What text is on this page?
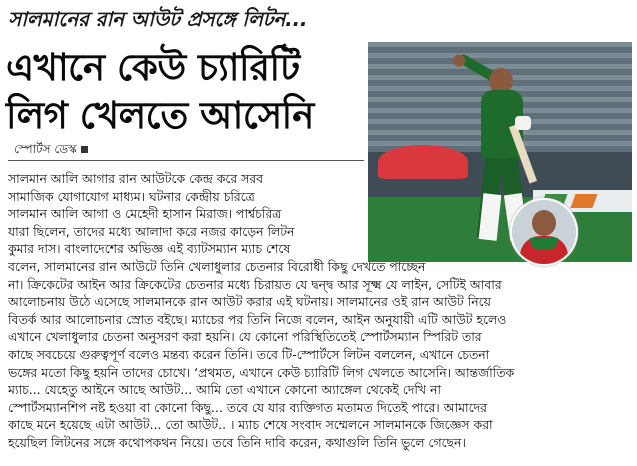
সালমানের রান আউট প্রসঙ্গে লিটন...
এখানে কেউ চ্যারিটি
লিগ খেলতে আসেনি
স্পোর্টস ডেস্ক
সালমান আলি আগার রান আউটকে কেন্দ্র করে সরব
সামাজিক যোগাযোগ মাধ্যম। ঘটনার কেন্দ্রীয় চরিত্রে
সালমান আলি আগা ও মেহেদী হাসান মিরাজ। পার্শ্বচরিত্র
যারা ছিলেন, তাদের মধ্যে আলাদা করে নজর কাড়েন লিটন
কুমার দাস। বাংলাদেশের অভিজ্ঞ এই ব্যাটসম্যান ম্যাচ শেষে
বলেন, সালমানের রান আউটে তিনি খেলাধুলার চেতনার বিরোধী কিছু দেখতে পাচ্ছেন
না। ক্রিকেটের আইন আর ক্রিকেটের চেতনার মধ্যে চিরায়ত যে দ্বন্দ্ব আর সূক্ষ্ম যে লাইন, সেটিই আবার
আলোচনায় উঠে এসেছে সালমানকে রান আউট করার এই ঘটনায়। সালমানের ওই রান আউট নিয়ে
বিতর্ক আর আলোচনার স্রোত বইছে। ম্যাচের পর তিনি নিজে বলেন, আইন অনুযায়ী এটি আউট হলেও
এখানে খেলাধুলার চেতনা অনুসরণ করা হয়নি। যে কোনো পরিস্থিতিতেই স্পোর্টসম্যান স্পিরিট তার
কাছে সবচেয়ে গুরুত্বপূর্ণ বলেও মন্তব্য করেন তিনি। তবে টি-স্পোর্টসে লিটন বললেন, এখানে চেতনা
ভঙ্গের মতো কিছু হয়নি তাদের চোখে। ‘প্রথমত, এখানে কেউ চ্যারিটি লিগ খেলতে আসেনি। আন্তর্জাতিক
ম্যাচ... যেহেতু আইনে আছে আউট... আমি তো এখানে কোনো অ্যাঙ্গেল থেকেই দেখি না
স্পোর্টসম্যানশিপ নষ্ট হওয়া বা কোনো কিছু... তবে যে যার ব্যক্তিগত মতামত দিতেই পারে। আমাদের
কাছে মনে হয়েছে এটা আউট... তো আউট.. । ম্যাচ শেষে সংবাদ সম্মেলনে সালমানকে জিজ্ঞেস করা
হয়েছিল লিটনের সঙ্গে কথোপকথন নিয়ে। তবে তিনি দাবি করেন, কথাগুলি তিনি ভুলে গেছেন।
